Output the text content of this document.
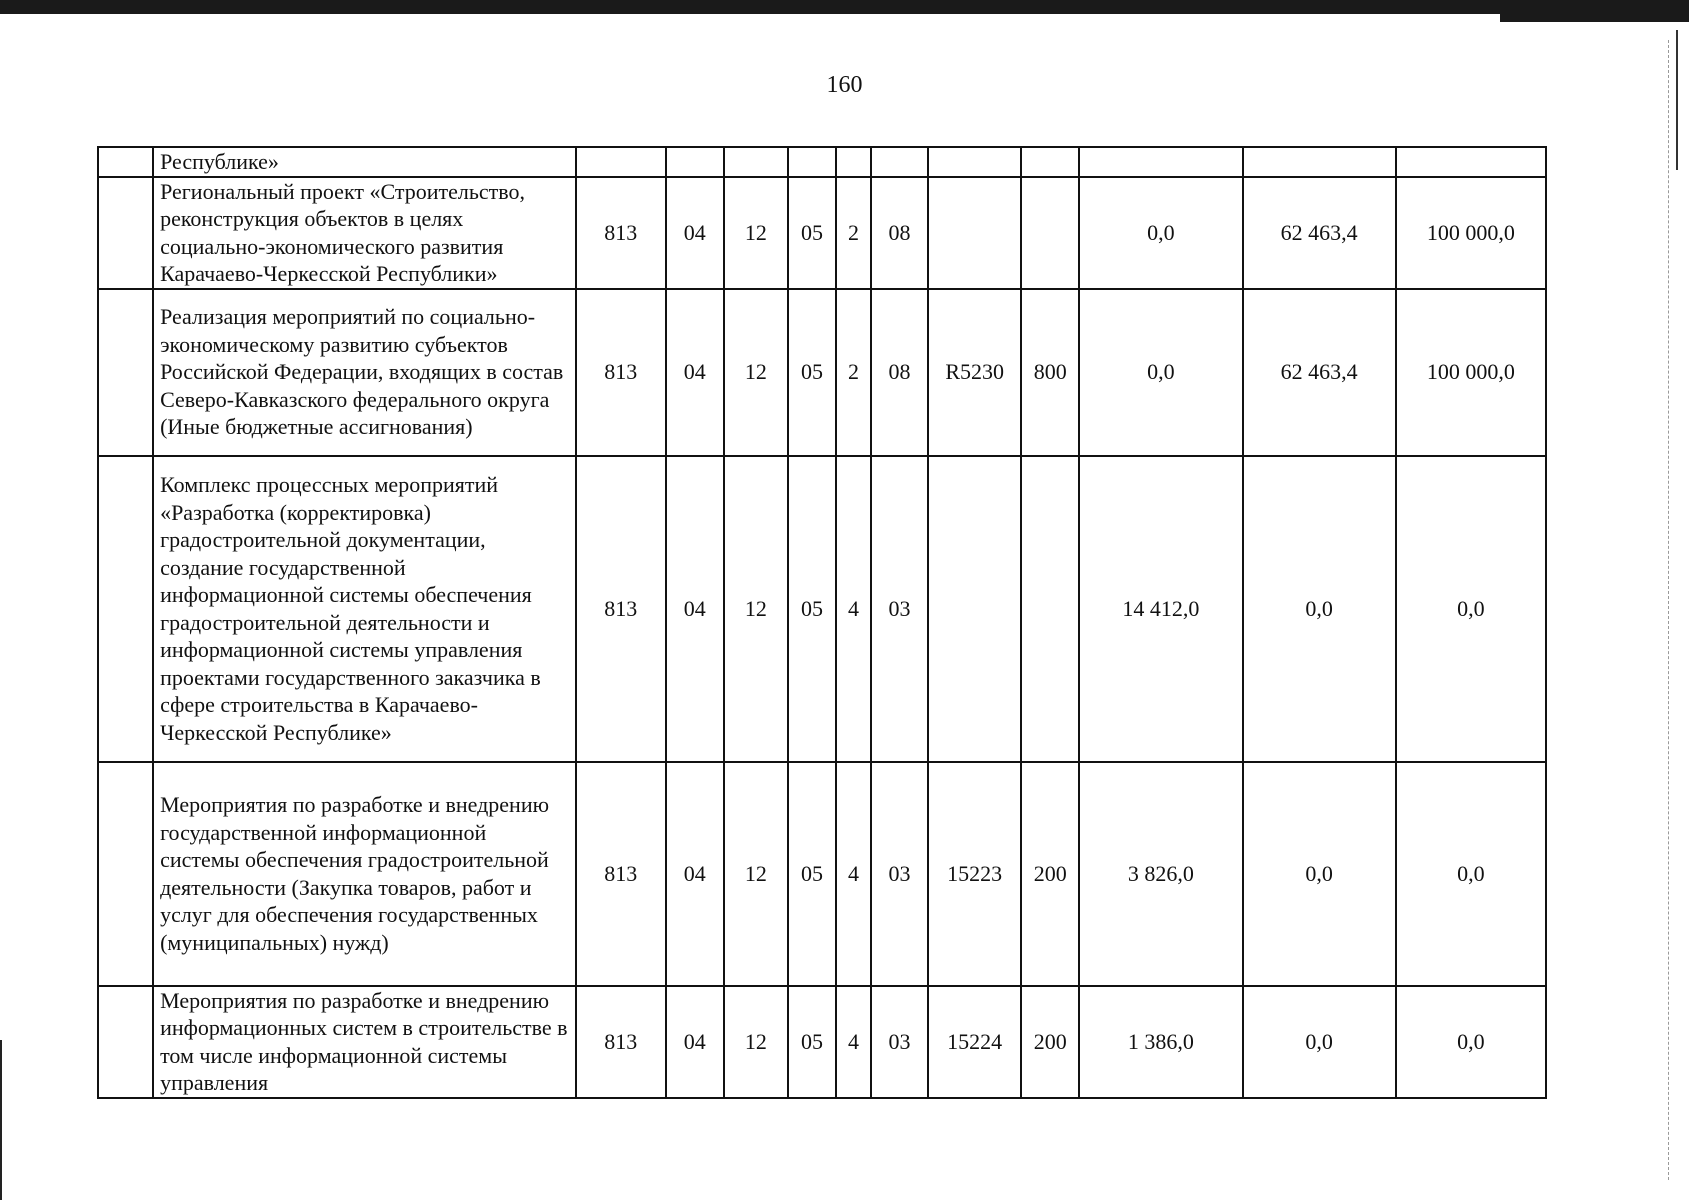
160
	Республике»											
	Региональный проект «Строительство, реконструкция объектов в целях социально-экономического развития Карачаево-Черкесской Республики»	813	04	12	05	2	08			0,0	62 463,4	100 000,0
	Реализация мероприятий по социально-экономическому развитию субъектов Российской Федерации, входящих в состав Северо-Кавказского федерального округа (Иные бюджетные ассигнования)	813	04	12	05	2	08	R5230	800	0,0	62 463,4	100 000,0
	Комплекс процессных мероприятий «Разработка (корректировка) градостроительной документации, создание государственной информационной системы обеспечения градостроительной деятельности и информационной системы управления проектами государственного заказчика в сфере строительства в Карачаево-Черкесской Республике»	813	04	12	05	4	03			14 412,0	0,0	0,0
	Мероприятия по разработке и внедрению государственной информационной системы обеспечения градостроительной деятельности (Закупка товаров, работ и услуг для обеспечения государственных (муниципальных) нужд)	813	04	12	05	4	03	15223	200	3 826,0	0,0	0,0
	Мероприятия по разработке и внедрению информационных систем в строительстве в том числе информационной системы управления	813	04	12	05	4	03	15224	200	1 386,0	0,0	0,0
